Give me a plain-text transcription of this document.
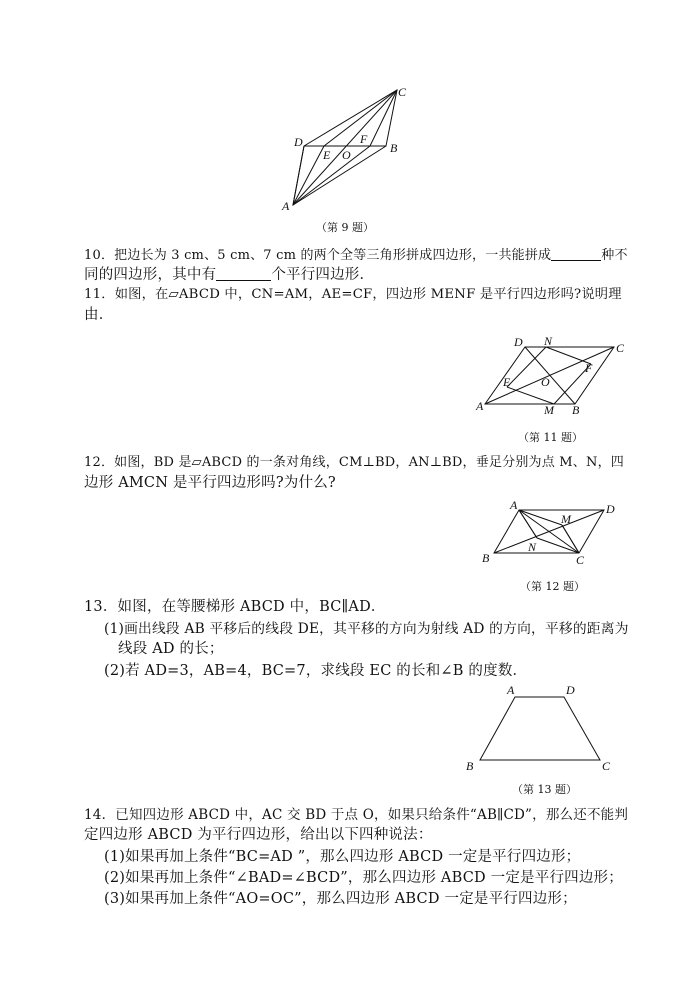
A
B
C
D
E
F
O
（第 9 题）
10．把边长为 3 cm、5 cm、7 cm 的两个全等三角形拼成四边形，一共能拼成	种不
同的四边形，其中有	个平行四边形．
11．如图，在▱ABCD 中，CN=AM，AE=CF，四边形 MENF 是平行四边形吗?说明理
由．
A	B
C
D
E
F
M
N
O
（第 11 题）
12．如图，BD 是▱ABCD 的一条对角线，CM⊥BD，AN⊥BD，垂足分别为点 M、N，四
边形 AMCN 是平行四边形吗?为什么?
A
B	C
D
M
N
（第 12 题）
13．如图，在等腰梯形 ABCD 中，BC∥AD．
(1)画出线段 AB 平移后的线段 DE，其平移的方向为射线 AD 的方向，平移的距离为
线段 AD 的长；
(2)若 AD=3，AB=4，BC=7，求线段 EC 的长和∠B 的度数．
A	D
B	C
（第 13 题）
14．已知四边形 ABCD 中，AC 交 BD 于点 O，如果只给条件“AB∥CD”，那么还不能判
定四边形 ABCD 为平行四边形，给出以下四种说法：
(1)如果再加上条件“BC=AD ”，那么四边形 ABCD 一定是平行四边形；
(2)如果再加上条件“∠BAD=∠BCD”，那么四边形 ABCD 一定是平行四边形；
(3)如果再加上条件“AO=OC”，那么四边形 ABCD 一定是平行四边形；
